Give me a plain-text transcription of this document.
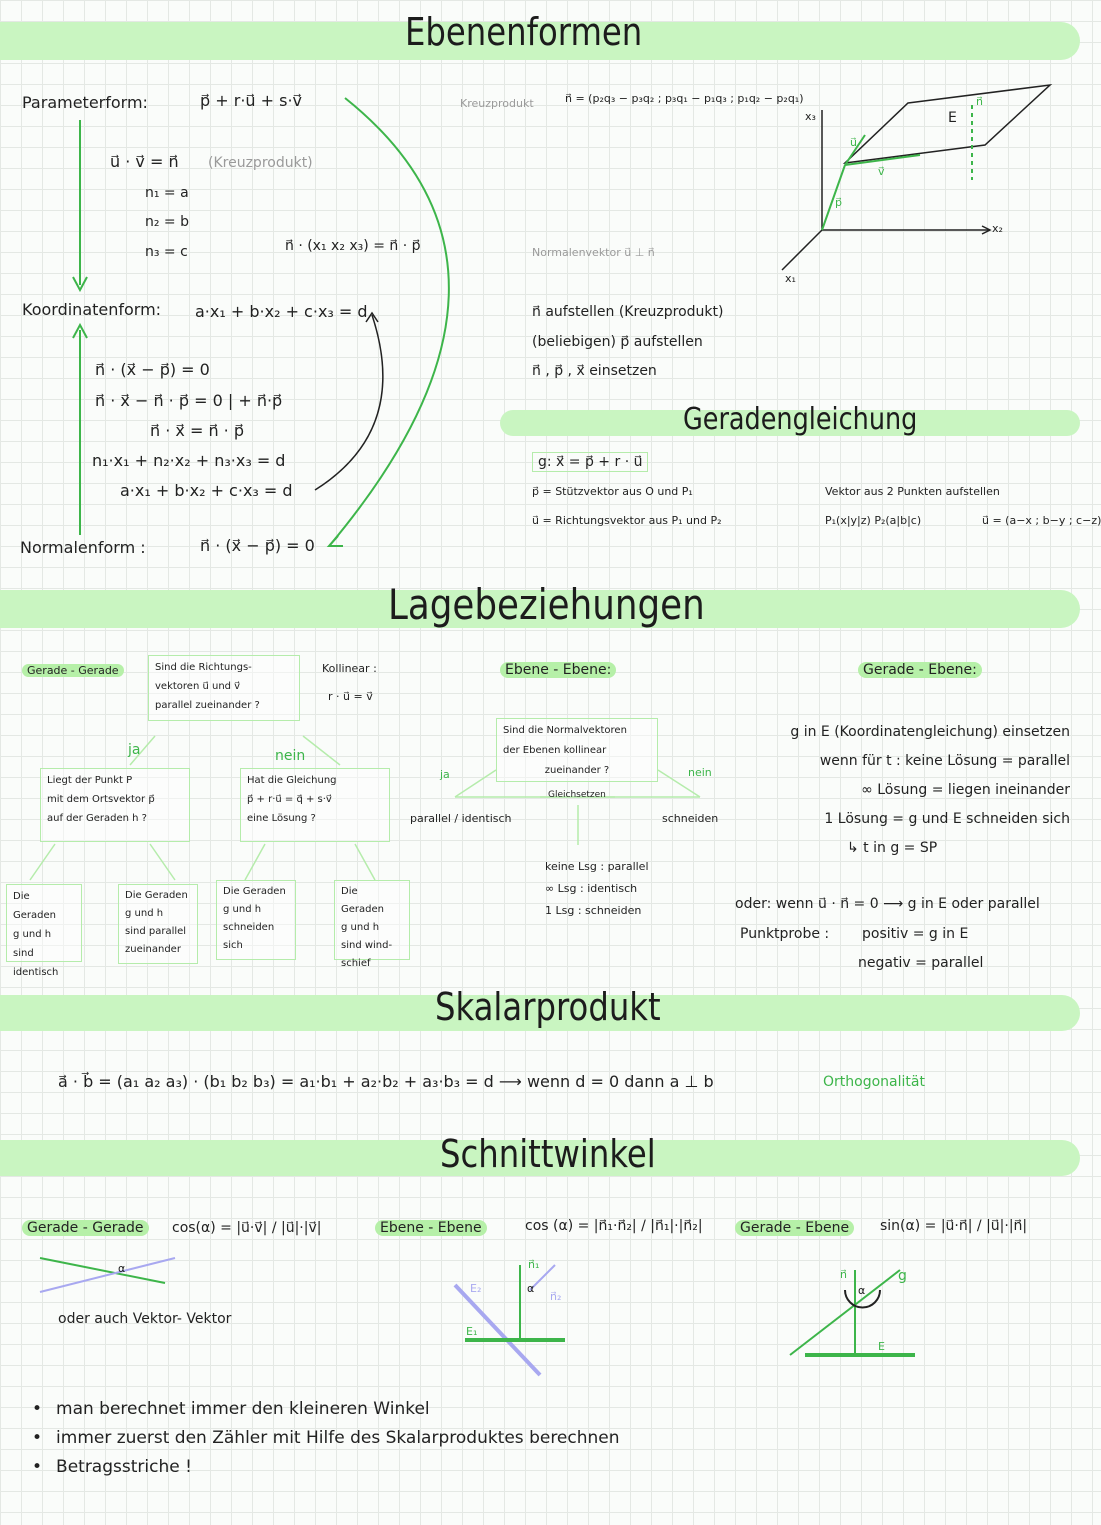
Ebenenformen
Geradengleichung
Lagebeziehungen
Skalarprodukt
Schnittwinkel
Parameterform:	p⃗ + r·u⃗ + s·v⃗
u⃗ · v⃗ = n⃗ (Kreuzprodukt)
n₁ = a
n₂ = b
n₃ = c	n⃗ · (x₁ x₂ x₃) = n⃗ · p⃗
Koordinatenform: a·x₁ + b·x₂ + c·x₃ = d
n⃗ · (x⃗ − p⃗) = 0
n⃗ · x⃗ − n⃗ · p⃗ = 0 | + n⃗·p⃗
n⃗ · x⃗ = n⃗ · p⃗
n₁·x₁ + n₂·x₂ + n₃·x₃ = d
a·x₁ + b·x₂ + c·x₃ = d
Normalenform :	n⃗ · (x⃗ − p⃗) = 0
Kreuzprodukt	n⃗ = (p₂q₃ − p₃q₂ ; p₃q₁ − p₁q₃ ; p₁q₂ − p₂q₁)
Normalenvektor u⃗ ⊥ n⃗
n⃗ aufstellen (Kreuzprodukt)
(beliebigen) p⃗ aufstellen
n⃗ , p⃗ , x⃗ einsetzen
x₃
x₂
x₁
E
n⃗
u⃗
v⃗
p⃗
g: x⃗ = p⃗ + r · u⃗
p⃗ = Stützvektor aus O und P₁
u⃗ = Richtungsvektor aus P₁ und P₂
Vektor aus 2 Punkten aufstellen
P₁(x|y|z) P₂(a|b|c)	u⃗ = (a−x ; b−y ; c−z)
Gerade - Gerade	Sind die Richtungs-
vektoren u⃗ und v⃗
parallel zueinander ?
Kollinear :
r · u⃗ = v⃗
ja	nein
Liegt der Punkt P
mit dem Ortsvektor p⃗
auf der Geraden h ?
Hat die Gleichung
p⃗ + r·u⃗ = q⃗ + s·v⃗
eine Lösung ?
Die Geraden
g und h
sind identisch
Die Geraden
g und h
sind parallel
zueinander
Die Geraden
g und h
schneiden
sich
Die Geraden
g und h
sind wind-
schief
Ebene - Ebene:
Sind die Normalvektoren
der Ebenen kollinear
zueinander ?
Gleichsetzen
ja	nein
parallel / identisch	schneiden
keine Lsg : parallel
∞ Lsg : identisch
1 Lsg : schneiden
Gerade - Ebene:
g in E (Koordinatengleichung) einsetzen
wenn für t : keine Lösung = parallel
∞ Lösung = liegen ineinander
1 Lösung = g und E schneiden sich
↳ t in g = SP
oder: wenn u⃗ · n⃗ = 0 ⟶ g in E oder parallel
Punktprobe : positiv = g in E
negativ = parallel
a⃗ · b⃗ = (a₁ a₂ a₃) · (b₁ b₂ b₃) = a₁·b₁ + a₂·b₂ + a₃·b₃ = d ⟶ wenn d = 0 dann a ⊥ b	Orthogonalität
Gerade - Gerade	cos(α) = |u⃗·v⃗| / |u⃗|·|v⃗|	Ebene - Ebene	cos (α) = |n⃗₁·n⃗₂| / |n⃗₁|·|n⃗₂|	Gerade - Ebene	sin(α) = |u⃗·n⃗| / |u⃗|·|n⃗|
oder auch Vektor- Vektor
α
α	α
E₁
E₂
n⃗₁
n⃗₂
g
E
n⃗
• man berechnet immer den kleineren Winkel
• immer zuerst den Zähler mit Hilfe des Skalarproduktes berechnen
• Betragsstriche !
